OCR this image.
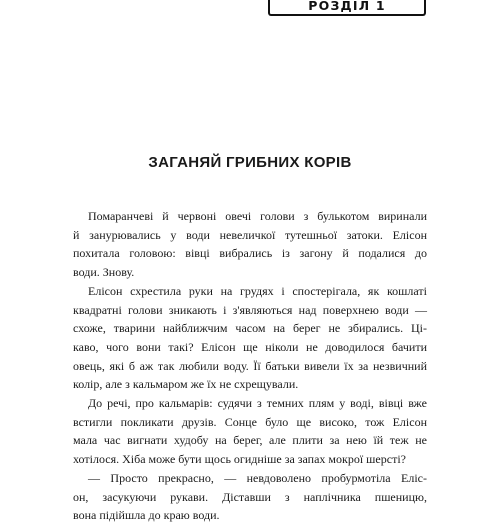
РОЗДІЛ 1
ЗАГАНЯЙ ГРИБНИХ КОРІВ

Помаранчеві й червоні овечі голови з булькотом виринали
й занурювались у води невеличкої тутешньої затоки. Елісон
похитала головою: вівці вибрались із загону й подалися до
води. Знову.

Елісон схрестила руки на грудях і спостерігала, як кошлаті
квадратні голови зникають і з'являються над поверхнею води —
схоже, тварини найближчим часом на берег не збирались. Ці-
каво, чого вони такі? Елісон ще ніколи не доводилося бачити
овець, які б аж так любили воду. Її батьки вивели їх за незвичний
колір, але з кальмаром же їх не схрещували.

До речі, про кальмарів: судячи з темних плям у воді, вівці вже
встигли покликати друзів. Сонце було ще високо, тож Елісон
мала час вигнати худобу на берег, але плити за нею їй теж не
хотілося. Хіба може бути щось огидніше за запах мокрої шерсті?

— Просто прекрасно, — невдоволено пробурмотіла Еліс-
он, засукуючи рукави. Діставши з наплічника пшеницю,
вона підійшла до краю води.
